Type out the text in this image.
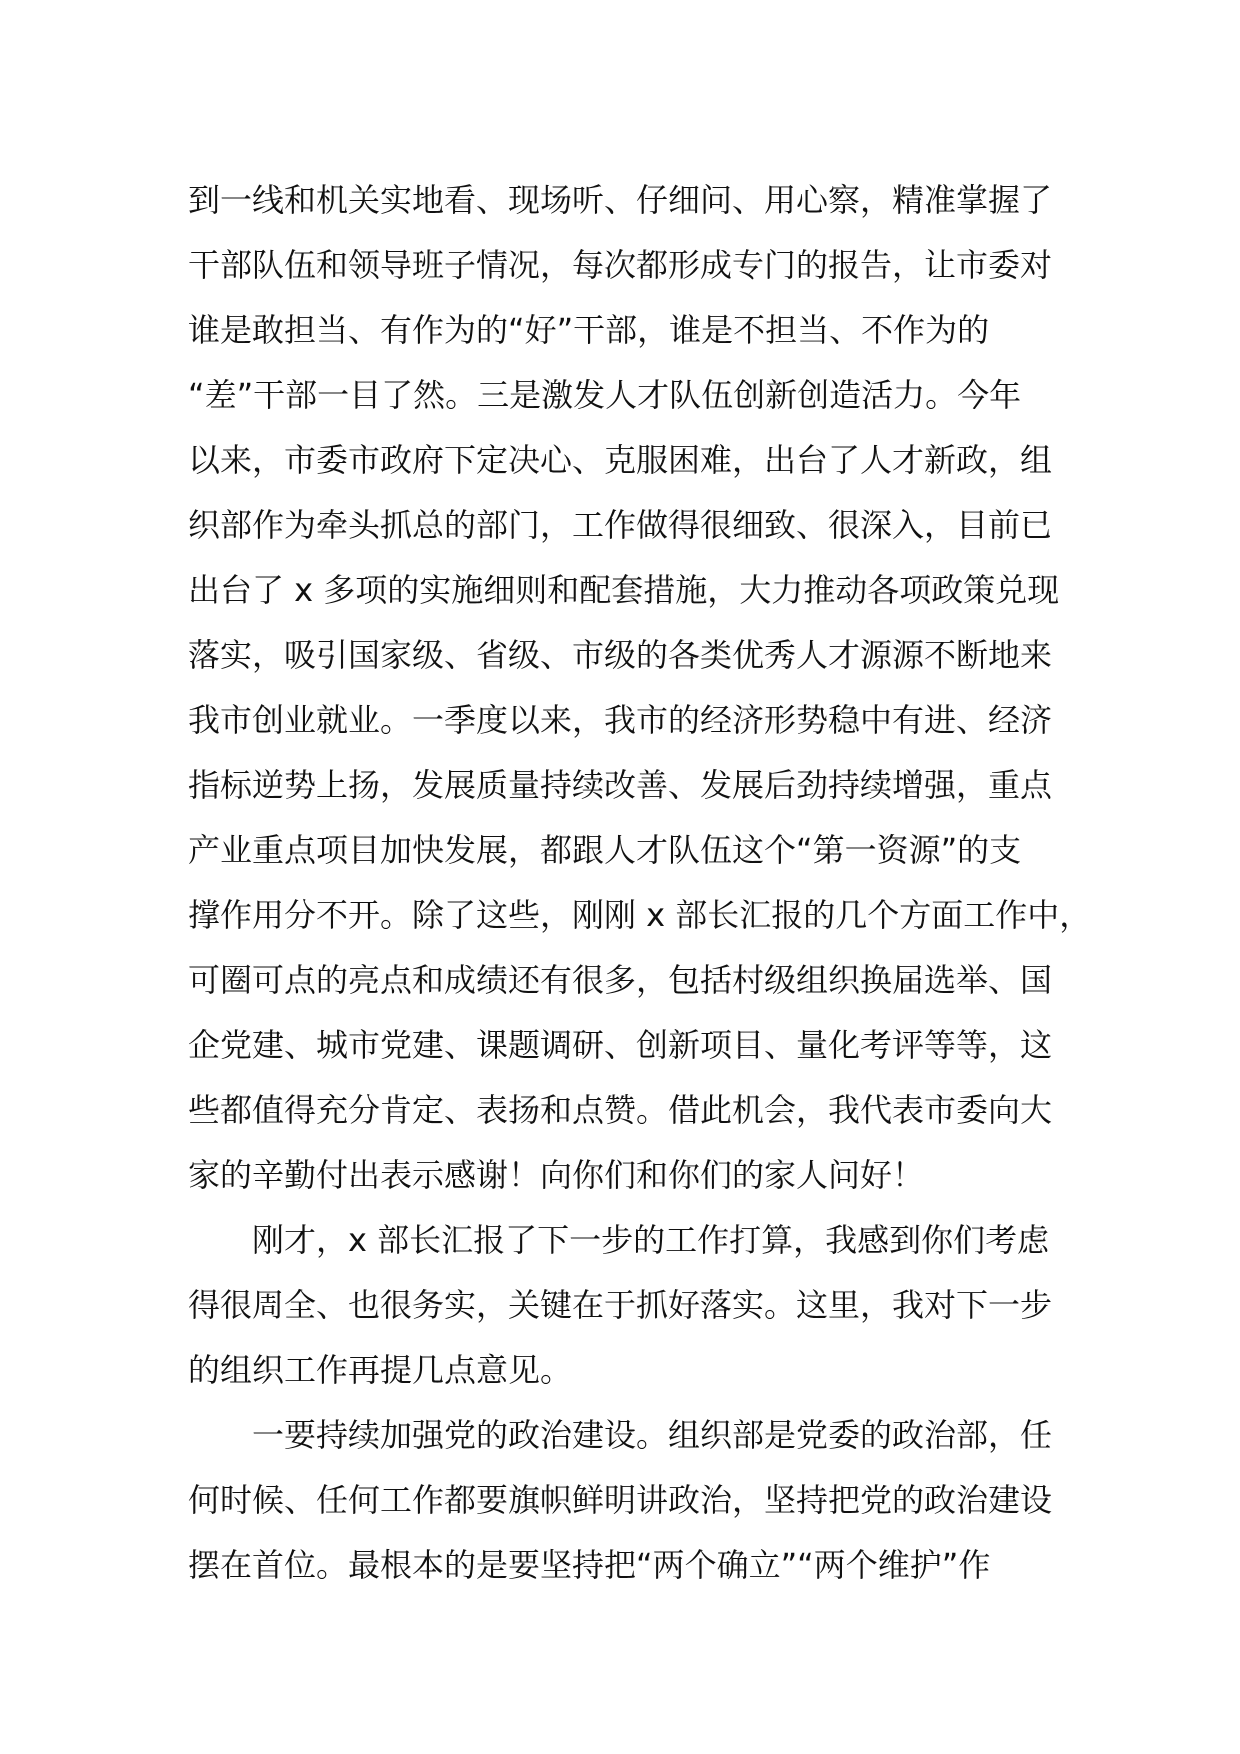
到一线和机关实地看、现场听、仔细问、用心察，精准掌握了
干部队伍和领导班子情况，每次都形成专门的报告，让市委对
谁是敢担当、有作为的“好”干部，谁是不担当、不作为的
“差”干部一目了然。三是激发人才队伍创新创造活力。今年
以来，市委市政府下定决心、克服困难，出台了人才新政，组
织部作为牵头抓总的部门，工作做得很细致、很深入，目前已
出台了 x 多项的实施细则和配套措施，大力推动各项政策兑现
落实，吸引国家级、省级、市级的各类优秀人才源源不断地来
我市创业就业。一季度以来，我市的经济形势稳中有进、经济
指标逆势上扬，发展质量持续改善、发展后劲持续增强，重点
产业重点项目加快发展，都跟人才队伍这个“第一资源”的支
撑作用分不开。除了这些，刚刚 x 部长汇报的几个方面工作中，
可圈可点的亮点和成绩还有很多，包括村级组织换届选举、国
企党建、城市党建、课题调研、创新项目、量化考评等等，这
些都值得充分肯定、表扬和点赞。借此机会，我代表市委向大
家的辛勤付出表示感谢！向你们和你们的家人问好！
刚才，x 部长汇报了下一步的工作打算，我感到你们考虑
得很周全、也很务实，关键在于抓好落实。这里，我对下一步
的组织工作再提几点意见。
一要持续加强党的政治建设。组织部是党委的政治部，任
何时候、任何工作都要旗帜鲜明讲政治，坚持把党的政治建设
摆在首位。最根本的是要坚持把“两个确立”“两个维护”作
